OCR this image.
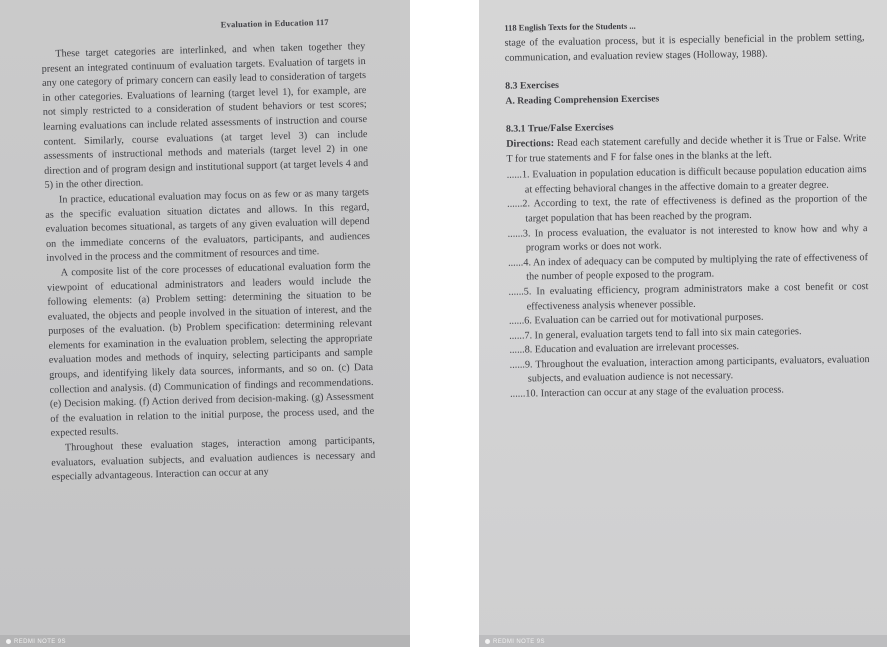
Evaluation in Education 117

These target categories are interlinked, and when taken together they present an integrated continuum of evaluation targets. Evaluation of targets in any one category of primary concern can easily lead to consideration of targets in other categories. Evaluations of learning (target level 1), for example, are not simply restricted to a consideration of student behaviors or test scores; learning evaluations can include related assessments of instruction and course content. Similarly, course evaluations (at target level 3) can include assessments of instructional methods and materials (target level 2) in one direction and of program design and institutional support (at target levels 4 and 5) in the other direction.

In practice, educational evaluation may focus on as few or as many targets as the specific evaluation situation dictates and allows. In this regard, evaluation becomes situational, as targets of any given evaluation will depend on the immediate concerns of the evaluators, participants, and audiences involved in the process and the commitment of resources and time.

A composite list of the core processes of educational evaluation form the viewpoint of educational administrators and leaders would include the following elements: (a) Problem setting: determining the situation to be evaluated, the objects and people involved in the situation of interest, and the purposes of the evaluation. (b) Problem specification: determining relevant elements for examination in the evaluation problem, selecting the appropriate evaluation modes and methods of inquiry, selecting participants and sample groups, and identifying likely data sources, informants, and so on. (c) Data collection and analysis. (d) Communication of findings and recommendations. (e) Decision making. (f) Action derived from decision-making. (g) Assessment of the evaluation in relation to the initial purpose, the process used, and the expected results.

Throughout these evaluation stages, interaction among participants, evaluators, evaluation subjects, and evaluation audiences is necessary and especially advantageous. Interaction can occur at any

REDMI NOTE 9S
118 English Texts for the Students ...

stage of the evaluation process, but it is especially beneficial in the problem setting, communication, and evaluation review stages (Holloway, 1988).

8.3 Exercises

A. Reading Comprehension Exercises

8.3.1 True/False Exercises

Directions: Read each statement carefully and decide whether it is True or False. Write T for true statements and F for false ones in the blanks at the left.

......1. Evaluation in population education is difficult because population education aims at effecting behavioral changes in the affective domain to a greater degree.

......2. According to text, the rate of effectiveness is defined as the proportion of the target population that has been reached by the program.

......3. In process evaluation, the evaluator is not interested to know how and why a program works or does not work.

......4. An index of adequacy can be computed by multiplying the rate of effectiveness of the number of people exposed to the program.

......5. In evaluating efficiency, program administrators make a cost benefit or cost effectiveness analysis whenever possible.

......6. Evaluation can be carried out for motivational purposes.

......7. In general, evaluation targets tend to fall into six main categories.

......8. Education and evaluation are irrelevant processes.

......9. Throughout the evaluation, interaction among participants, evaluators, evaluation subjects, and evaluation audience is not necessary.

......10. Interaction can occur at any stage of the evaluation process.

REDMI NOTE 9S
